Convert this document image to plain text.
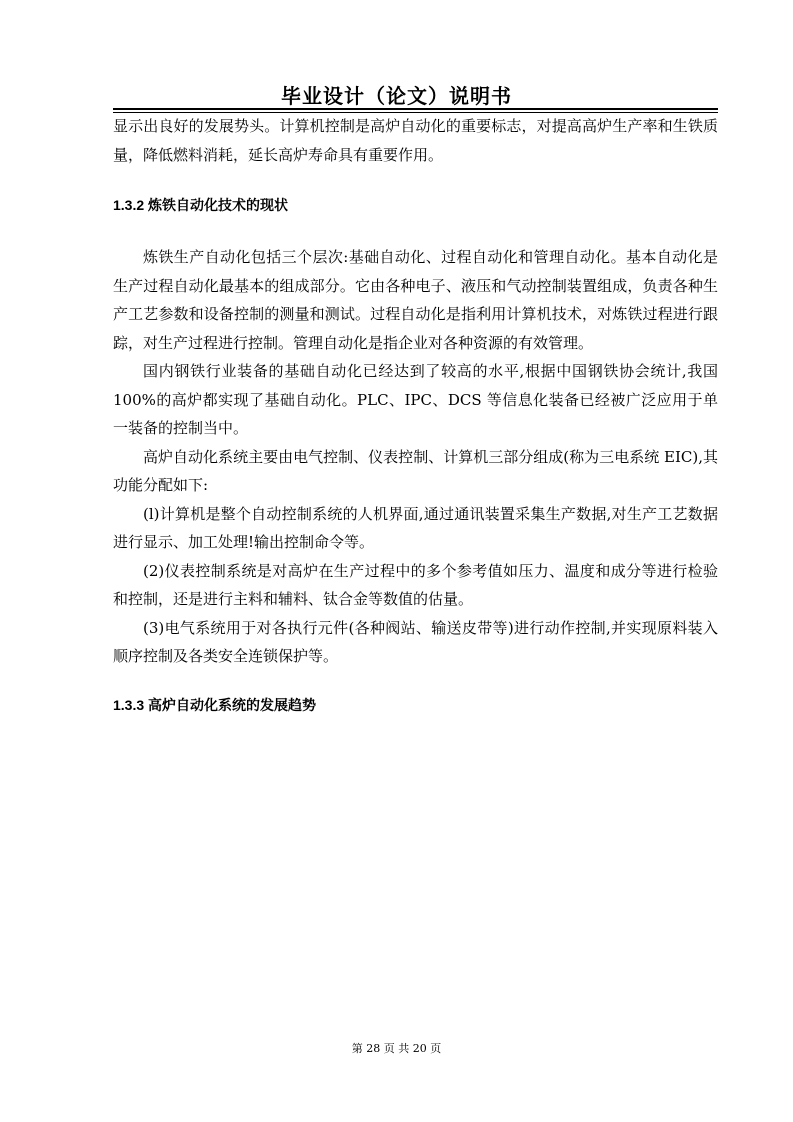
毕业设计（论文）说明书

显示出良好的发展势头。计算机控制是高炉自动化的重要标志，对提高高炉生产率和生铁质量，降低燃料消耗，延长高炉寿命具有重要作用。

1.3.2 炼铁自动化技术的现状

炼铁生产自动化包括三个层次:基础自动化、过程自动化和管理自动化。基本自动化是生产过程自动化最基本的组成部分。它由各种电子、液压和气动控制装置组成，负责各种生产工艺参数和设备控制的测量和测试。过程自动化是指利用计算机技术，对炼铁过程进行跟踪，对生产过程进行控制。管理自动化是指企业对各种资源的有效管理。

国内钢铁行业装备的基础自动化已经达到了较高的水平,根据中国钢铁协会统计,我国 100%的高炉都实现了基础自动化。PLC、IPC、DCS 等信息化装备已经被广泛应用于单一装备的控制当中。

高炉自动化系统主要由电气控制、仪表控制、计算机三部分组成(称为三电系统 EIC),其功能分配如下:

(l)计算机是整个自动控制系统的人机界面,通过通讯装置采集生产数据,对生产工艺数据进行显示、加工处理!输出控制命令等。

(2)仪表控制系统是对高炉在生产过程中的多个参考值如压力、温度和成分等进行检验和控制，还是进行主料和辅料、钛合金等数值的估量。

(3)电气系统用于对各执行元件(各种阀站、输送皮带等)进行动作控制,并实现原料装入顺序控制及各类安全连锁保护等。

1.3.3 高炉自动化系统的发展趋势
第 28 页 共 20 页
